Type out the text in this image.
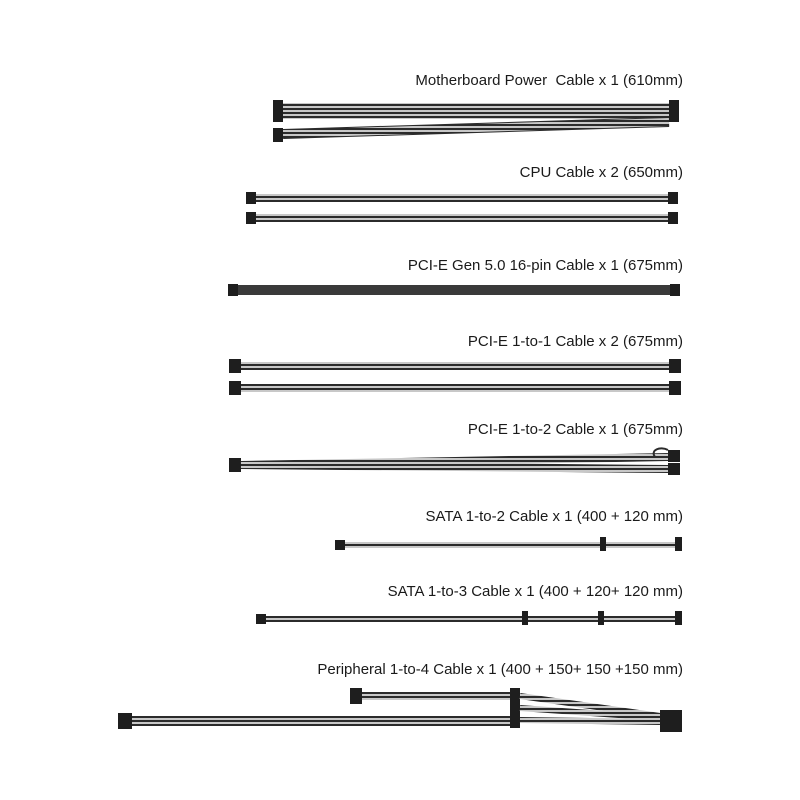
Motherboard Power  Cable x 1 (610mm)
CPU Cable x 2 (650mm)
PCI-E Gen 5.0 16-pin Cable x 1 (675mm)
PCI-E 1-to-1 Cable x 2 (675mm)
PCI-E 1-to-2 Cable x 1 (675mm)
SATA 1-to-2 Cable x 1 (400 + 120 mm)
SATA 1-to-3 Cable x 1 (400 + 120+ 120 mm)
Peripheral 1-to-4 Cable x 1 (400 + 150+ 150 +150 mm)
